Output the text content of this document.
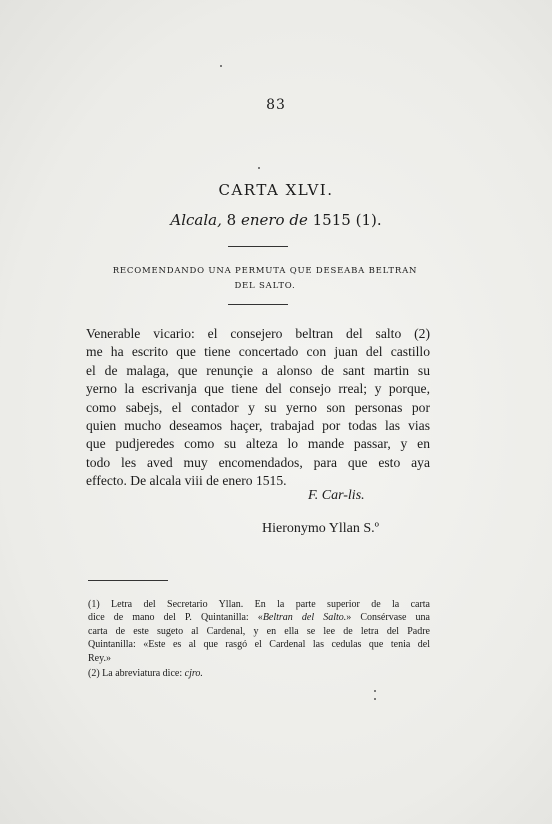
83
CARTA XLVI.
Alcala, 8 enero de 1515 (1).
RECOMENDANDO UNA PERMUTA QUE DESEABA BELTRAN
DEL SALTO.
Venerable vicario: el consejero beltran del salto (2)
me ha escrito que tiene concertado con juan del castillo
el de malaga, que renunçie a alonso de sant martin su
yerno la escrivanja que tiene del consejo rreal; y porque,
como sabejs, el contador y su yerno son personas por
quien mucho deseamos haçer, trabajad por todas las vias
que pudjeredes como su alteza lo mande passar, y en
todo les aved muy encomendados, para que esto aya
effecto. De alcala viii de enero 1515.
F. Car-lis.
Hieronymo Yllan S.º
(1) Letra del Secretario Yllan. En la parte superior de la carta
dice de mano del P. Quintanilla: «Beltran del Salto.» Consérvase una
carta de este sugeto al Cardenal, y en ella se lee de letra del Padre
Quintanilla: «Este es al que rasgó el Cardenal las cedulas que tenia del
Rey.»
(2) La abreviatura dice: cjro.
